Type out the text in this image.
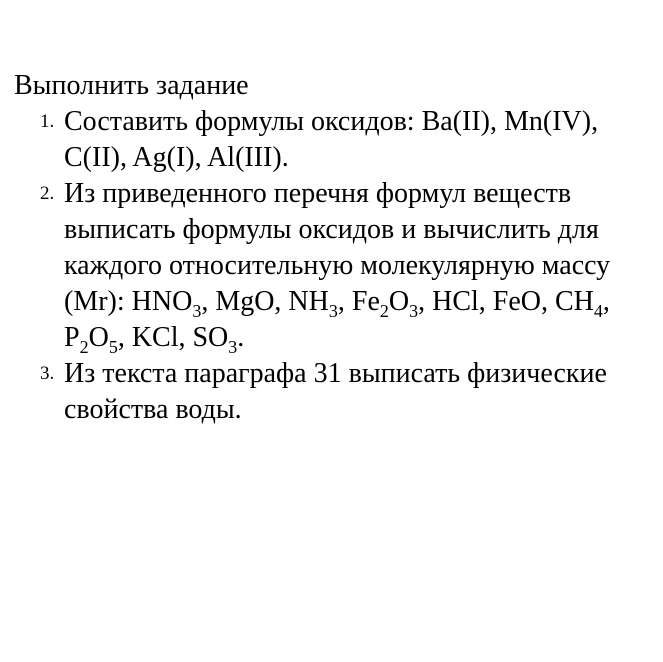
Выполнить задание

1. Составить формулы оксидов: Ba(II), Mn(IV),
C(II), Ag(I), Al(III).
2. Из приведенного перечня формул веществ
выписать формулы оксидов и вычислить для
каждого относительную молекулярную массу
(Mr): $HNO_3$, MgO, $NH_3$, $Fe_2O_3$, HCl, FeO, $CH_4$,
$P_2O_5$, KCl, $SO_3$.
3. Из текста параграфа 31 выписать физические
свойства воды.
